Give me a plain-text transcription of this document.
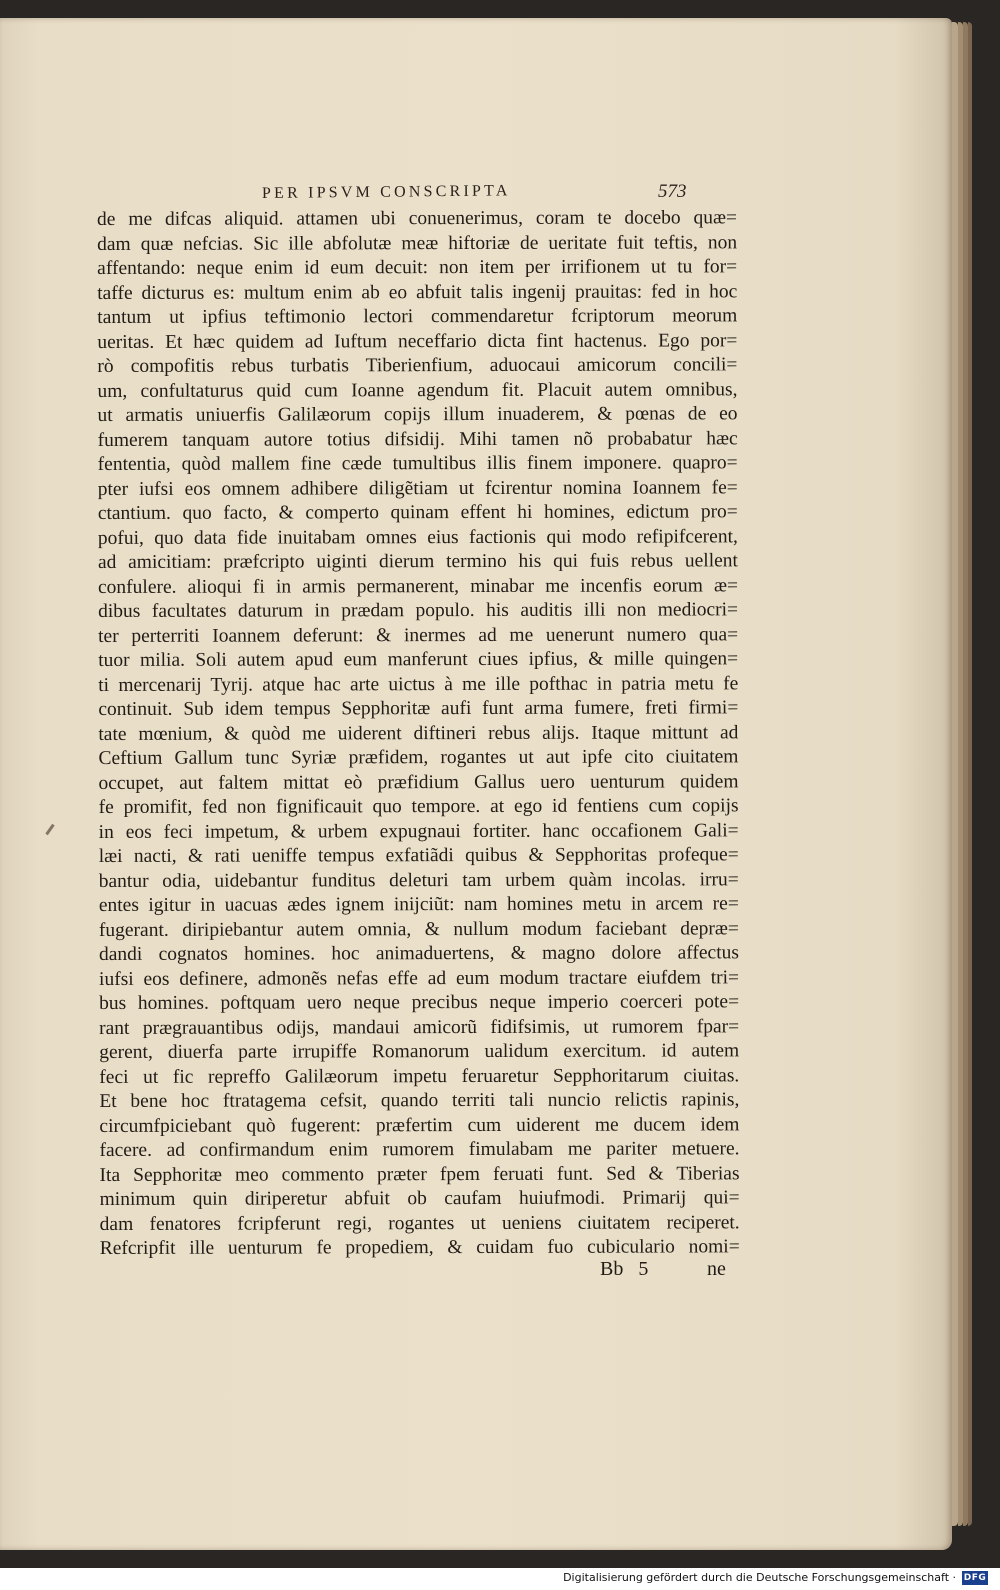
PER IPSVM CONSCRIPTA	573
de me difcas aliquid. attamen ubi conuenerimus, coram te docebo quæ=
dam quæ nefcias. Sic ille abfolutæ meæ hiftoriæ de ueritate fuit teftis, non
affentando: neque enim id eum decuit: non item per irrifionem ut tu for=
taffe dicturus es: multum enim ab eo abfuit talis ingenij prauitas: fed in hoc
tantum ut ipfius teftimonio lectori commendaretur fcriptorum meorum
ueritas. Et hæc quidem ad Iuftum neceffario dicta fint hactenus. Ego por=
rò compofitis rebus turbatis Tiberienfium, aduocaui amicorum concili=
um, confultaturus quid cum Ioanne agendum fit. Placuit autem omnibus,
ut armatis uniuerfis Galilæorum copijs illum inuaderem, & pœnas de eo
fumerem tanquam autore totius difsidij. Mihi tamen nõ probabatur hæc
fententia, quòd mallem fine cæde tumultibus illis finem imponere. quapro=
pter iufsi eos omnem adhibere diligẽtiam ut fcirentur nomina Ioannem fe=
ctantium. quo facto, & comperto quinam effent hi homines, edictum pro=
pofui, quo data fide inuitabam omnes eius factionis qui modo refipifcerent,
ad amicitiam: præfcripto uiginti dierum termino his qui fuis rebus uellent
confulere. alioqui fi in armis permanerent, minabar me incenfis eorum æ=
dibus facultates daturum in prædam populo. his auditis illi non mediocri=
ter perterriti Ioannem deferunt: & inermes ad me uenerunt numero qua=
tuor milia. Soli autem apud eum manferunt ciues ipfius, & mille quingen=
ti mercenarij Tyrij. atque hac arte uictus à me ille pofthac in patria metu fe
continuit. Sub idem tempus Sepphoritæ aufi funt arma fumere, freti firmi=
tate mœnium, & quòd me uiderent diftineri rebus alijs. Itaque mittunt ad
Ceftium Gallum tunc Syriæ præfidem, rogantes ut aut ipfe cito ciuitatem
occupet, aut faltem mittat eò præfidium Gallus uero uenturum quidem
fe promifit, fed non fignificauit quo tempore. at ego id fentiens cum copijs
in eos feci impetum, & urbem expugnaui fortiter. hanc occafionem Gali=
læi nacti, & rati ueniffe tempus exfatiãdi quibus & Sepphoritas profeque=
bantur odia, uidebantur funditus deleturi tam urbem quàm incolas. irru=
entes igitur in uacuas ædes ignem inijciũt: nam homines metu in arcem re=
fugerant. diripiebantur autem omnia, & nullum modum faciebant depræ=
dandi cognatos homines. hoc animaduertens, & magno dolore affectus
iufsi eos definere, admonẽs nefas effe ad eum modum tractare eiufdem tri=
bus homines. poftquam uero neque precibus neque imperio coerceri pote=
rant prægrauantibus odijs, mandaui amicorũ fidifsimis, ut rumorem fpar=
gerent, diuerfa parte irrupiffe Romanorum ualidum exercitum. id autem
feci ut fic repreffo Galilæorum impetu feruaretur Sepphoritarum ciuitas.
Et bene hoc ftratagema cefsit, quando territi tali nuncio relictis rapinis,
circumfpiciebant quò fugerent: præfertim cum uiderent me ducem idem
facere. ad confirmandum enim rumorem fimulabam me pariter metuere.
Ita Sepphoritæ meo commento præter fpem feruati funt. Sed & Tiberias
minimum quin diriperetur abfuit ob caufam huiufmodi. Primarij qui=
dam fenatores fcripferunt regi, rogantes ut ueniens ciuitatem reciperet.
Refcripfit ille uenturum fe propediem, & cuidam fuo cubiculario nomi=
Bb 5	ne
Digitalisierung gefördert durch die Deutsche Forschungsgemeinschaft · DFG
